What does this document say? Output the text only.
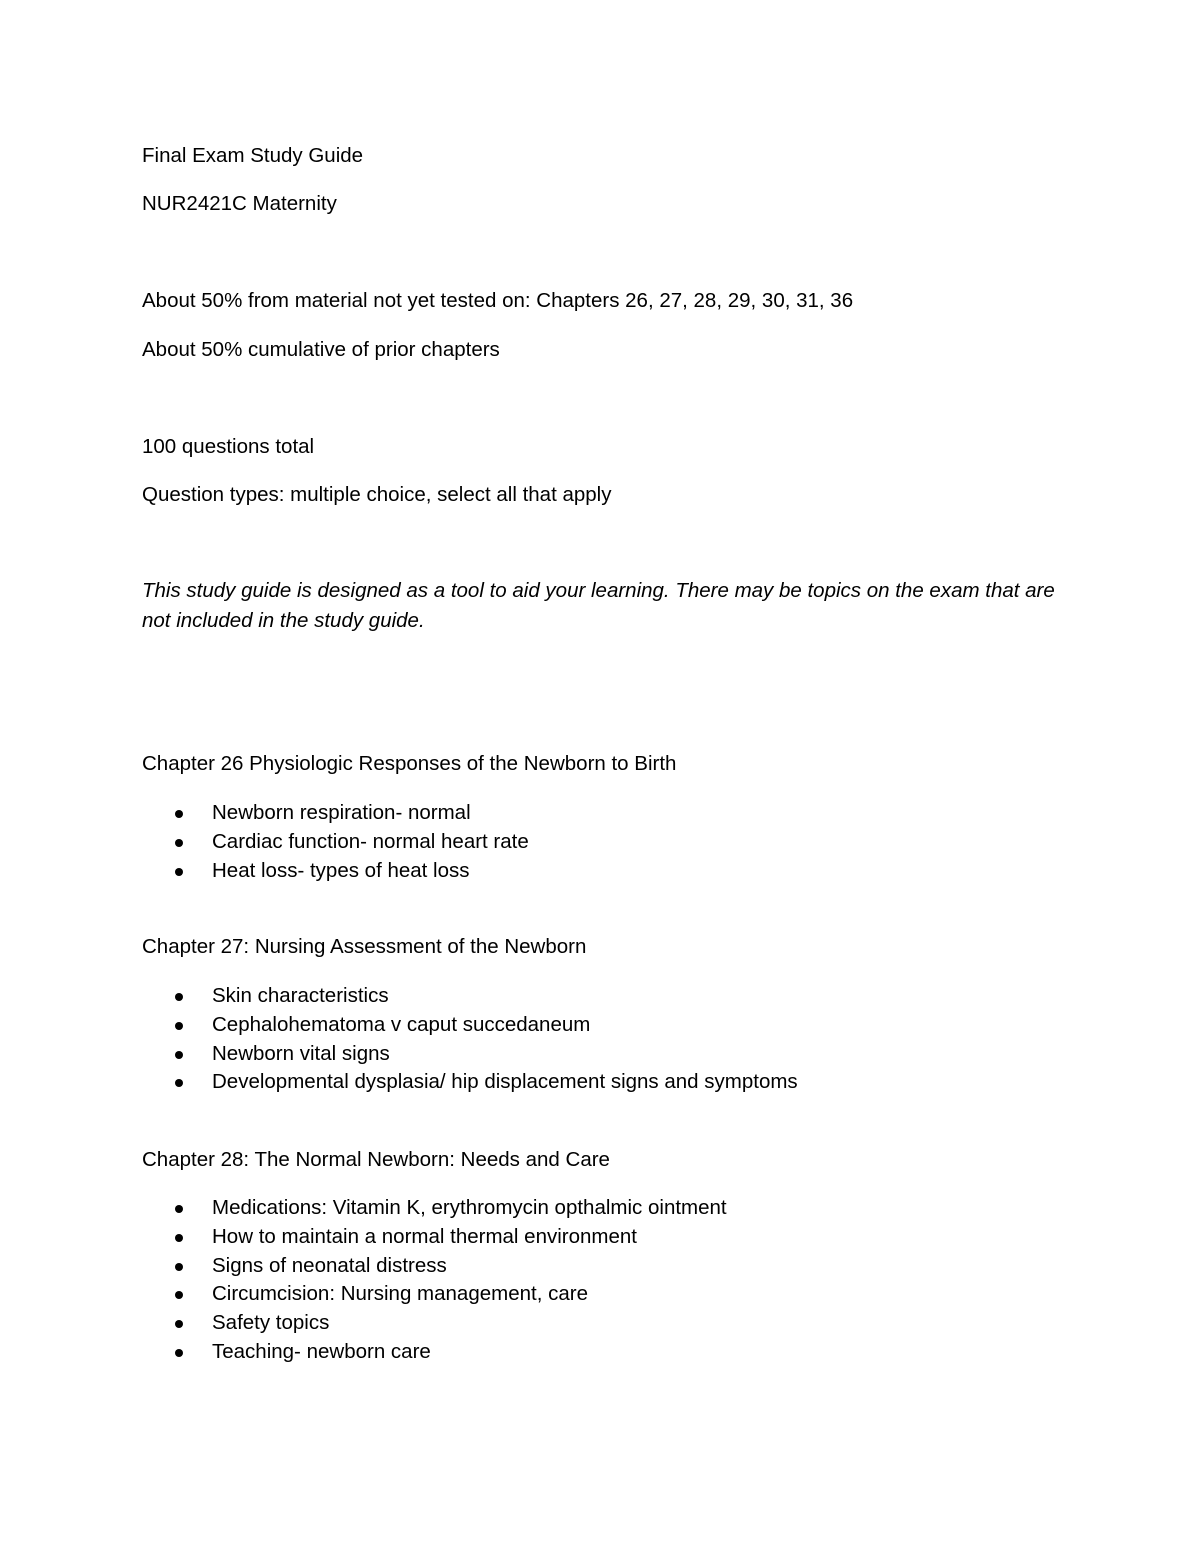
Final Exam Study Guide

NUR2421C Maternity

About 50% from material not yet tested on: Chapters 26, 27, 28, 29, 30, 31, 36

About 50% cumulative of prior chapters

100 questions total

Question types: multiple choice, select all that apply

This study guide is designed as a tool to aid your learning. There may be topics on the exam that are not included in the study guide.

Chapter 26 Physiologic Responses of the Newborn to Birth

Newborn respiration- normal
Cardiac function- normal heart rate
Heat loss- types of heat loss

Chapter 27: Nursing Assessment of the Newborn

Skin characteristics
Cephalohematoma v caput succedaneum
Newborn vital signs
Developmental dysplasia/ hip displacement signs and symptoms

Chapter 28: The Normal Newborn: Needs and Care

Medications: Vitamin K, erythromycin opthalmic ointment
How to maintain a normal thermal environment
Signs of neonatal distress
Circumcision: Nursing management, care
Safety topics
Teaching- newborn care
